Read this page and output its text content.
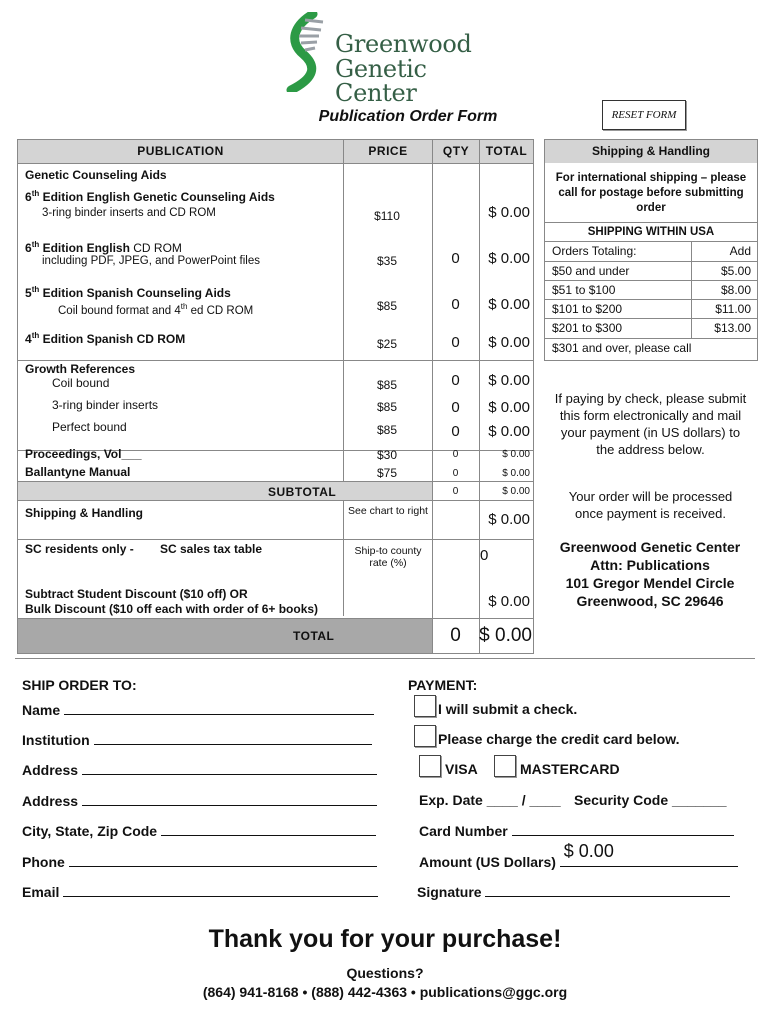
Greenwood
Genetic Center
Publication Order Form	RESET FORM
PUBLICATION	PRICE	QTY	TOTAL
Genetic Counseling Aids
6th Edition English Genetic Counseling Aids
3-ring binder inserts and CD ROM	$110	$ 0.00
6th Edition English CD ROM
including PDF, JPEG, and PowerPoint files	$35	0	$ 0.00
5th Edition Spanish Counseling Aids
Coil bound format and 4th ed CD ROM	$85	0	$ 0.00
4th Edition Spanish CD ROM	$25	0	$ 0.00
Growth References
Coil bound	$85	0	$ 0.00
3-ring binder inserts	$85	0	$ 0.00
Perfect bound	$85	0	$ 0.00
Proceedings, Vol___	$30	0	$ 0.00
Ballantyne Manual	$75	0	$ 0.00
SUBTOTAL	0	$ 0.00
Shipping & Handling	See chart to right	$ 0.00
SC residents only - SC sales tax table	Ship-to county rate (%)	0
Subtract Student Discount ($10 off) OR
Bulk Discount ($10 off each with order of 6+ books)	$ 0.00
TOTAL	0 $ 0.00
Shipping & Handling
For international shipping – please call for postage before submitting order
SHIPPING WITHIN USA
Orders Totaling:	Add
$50 and under	$5.00
$51 to $100	$8.00
$101 to $200	$11.00
$201 to $300	$13.00
$301 and over, please call
If paying by check, please submit this form electronically and mail your payment (in US dollars) to the address below.
Your order will be processed once payment is received.
Greenwood Genetic Center
Attn: Publications
101 Gregor Mendel Circle
Greenwood, SC 29646
SHIP ORDER TO:
Name
Institution
Address
Address
City, State, Zip Code
Phone
Email
PAYMENT:
I will submit a check.
Please charge the credit card below.
VISA	MASTERCARD
Exp. Date ____ / ____ Security Code _______
Card Number
Amount (US Dollars)
$ 0.00
Signature
Thank you for your purchase!
Questions?
(864) 941-8168 • (888) 442-4363 • publications@ggc.org
